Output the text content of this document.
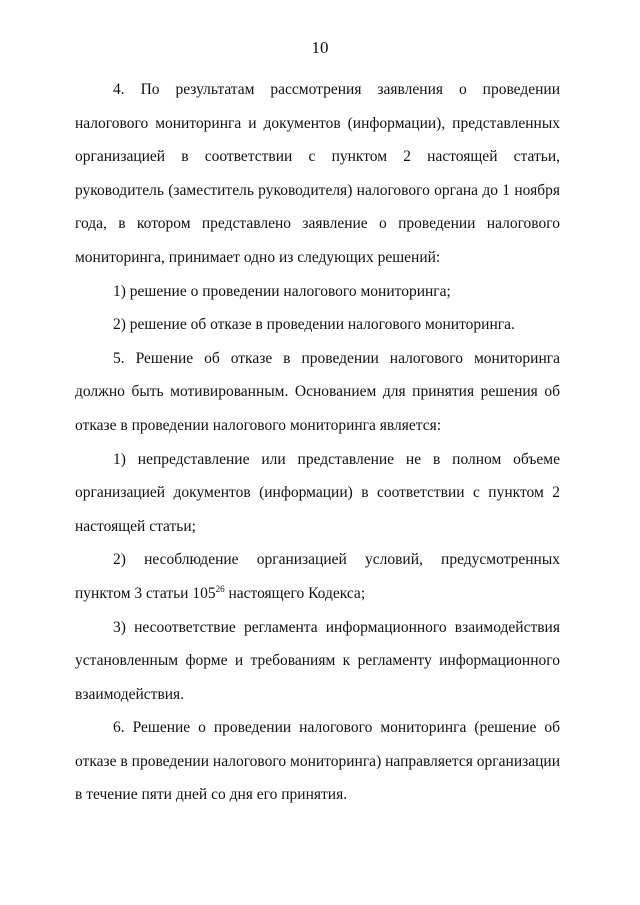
10

4. По результатам рассмотрения заявления о проведении налогового мониторинга и документов (информации), представленных организацией в соответствии с пунктом 2 настоящей статьи, руководитель (заместитель руководителя) налогового органа до 1 ноября года, в котором представлено заявление о проведении налогового мониторинга, принимает одно из следующих решений:

1) решение о проведении налогового мониторинга;

2) решение об отказе в проведении налогового мониторинга.

5. Решение об отказе в проведении налогового мониторинга должно быть мотивированным. Основанием для принятия решения об отказе в проведении налогового мониторинга является:

1) непредставление или представление не в полном объеме организацией документов (информации) в соответствии с пунктом 2 настоящей статьи;

2) несоблюдение организацией условий, предусмотренных пунктом 3 статьи $105^{26}$ настоящего Кодекса;

3) несоответствие регламента информационного взаимодействия установленным форме и требованиям к регламенту информационного взаимодействия.

6. Решение о проведении налогового мониторинга (решение об отказе в проведении налогового мониторинга) направляется организации в течение пяти дней со дня его принятия.
